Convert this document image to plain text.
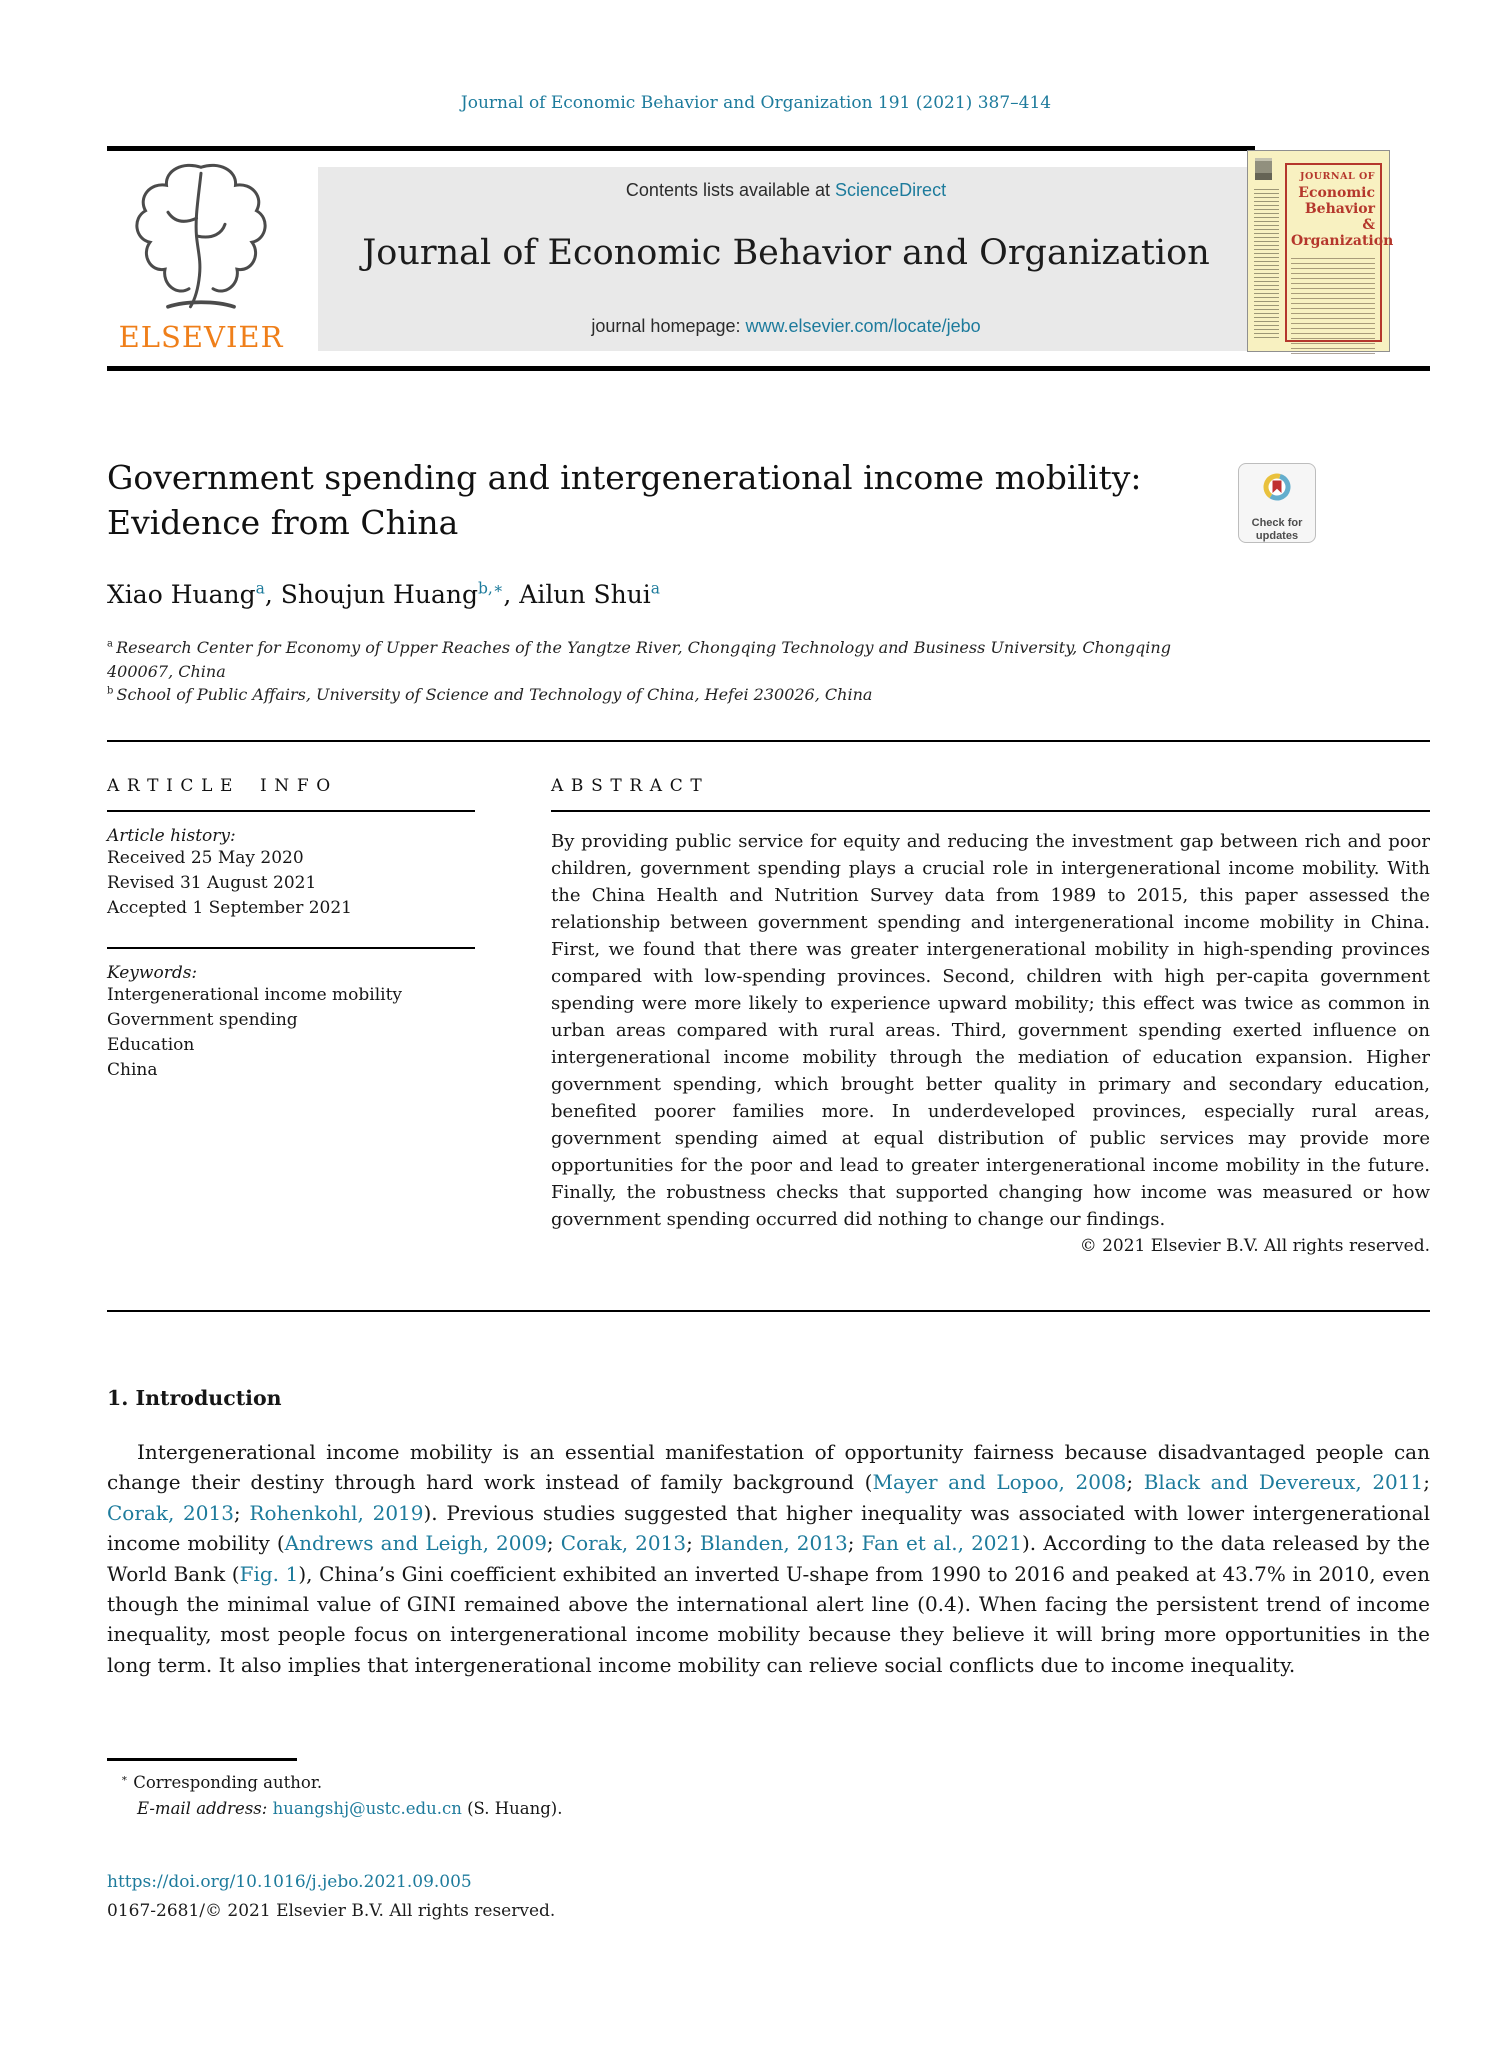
Journal of Economic Behavior and Organization 191 (2021) 387–414
ELSEVIER
Contents lists available at ScienceDirect
Journal of Economic Behavior and Organization
journal homepage: www.elsevier.com/locate/jebo
JOURNAL OF
Economic
Behavior &
Organization
Government spending and intergenerational income mobility: Evidence from China	Check for
updates
Xiao Huang$^a$, Shoujun Huang$^{b,∗}$, Ailun Shui$^a$
$^a$ Research Center for Economy of Upper Reaches of the Yangtze River, Chongqing Technology and Business University, Chongqing 400067, China
$^b$ School of Public Affairs, University of Science and Technology of China, Hefei 230026, China
ARTICLE INFO
Article history:
Received 25 May 2020
Revised 31 August 2021
Accepted 1 September 2021
Keywords:
Intergenerational income mobility
Government spending
Education
China
ABSTRACT

By providing public service for equity and reducing the investment gap between rich and poor children, government spending plays a crucial role in intergenerational income mobility. With the China Health and Nutrition Survey data from 1989 to 2015, this paper assessed the relationship between government spending and intergenerational income mobility in China. First, we found that there was greater intergenerational mobility in high-spending provinces compared with low-spending provinces. Second, children with high per-capita government spending were more likely to experience upward mobility; this effect was twice as common in urban areas compared with rural areas. Third, government spending exerted influence on intergenerational income mobility through the mediation of education expansion. Higher government spending, which brought better quality in primary and secondary education, benefited poorer families more. In underdeveloped provinces, especially rural areas, government spending aimed at equal distribution of public services may provide more opportunities for the poor and lead to greater intergenerational income mobility in the future. Finally, the robustness checks that supported changing how income was measured or how government spending occurred did nothing to change our findings.

© 2021 Elsevier B.V. All rights reserved.
1. Introduction

Intergenerational income mobility is an essential manifestation of opportunity fairness because disadvantaged people can change their destiny through hard work instead of family background (Mayer and Lopoo, 2008; Black and Devereux, 2011; Corak, 2013; Rohenkohl, 2019). Previous studies suggested that higher inequality was associated with lower intergenerational income mobility (Andrews and Leigh, 2009; Corak, 2013; Blanden, 2013; Fan et al., 2021). According to the data released by the World Bank (Fig. 1), China’s Gini coefficient exhibited an inverted U-shape from 1990 to 2016 and peaked at 43.7% in 2010, even though the minimal value of GINI remained above the international alert line (0.4). When facing the persistent trend of income inequality, most people focus on intergenerational income mobility because they believe it will bring more opportunities in the long term. It also implies that intergenerational income mobility can relieve social conflicts due to income inequality.

∗ Corresponding author.
E-mail address: huangshj@ustc.edu.cn (S. Huang).
https://doi.org/10.1016/j.jebo.2021.09.005
0167-2681/© 2021 Elsevier B.V. All rights reserved.
